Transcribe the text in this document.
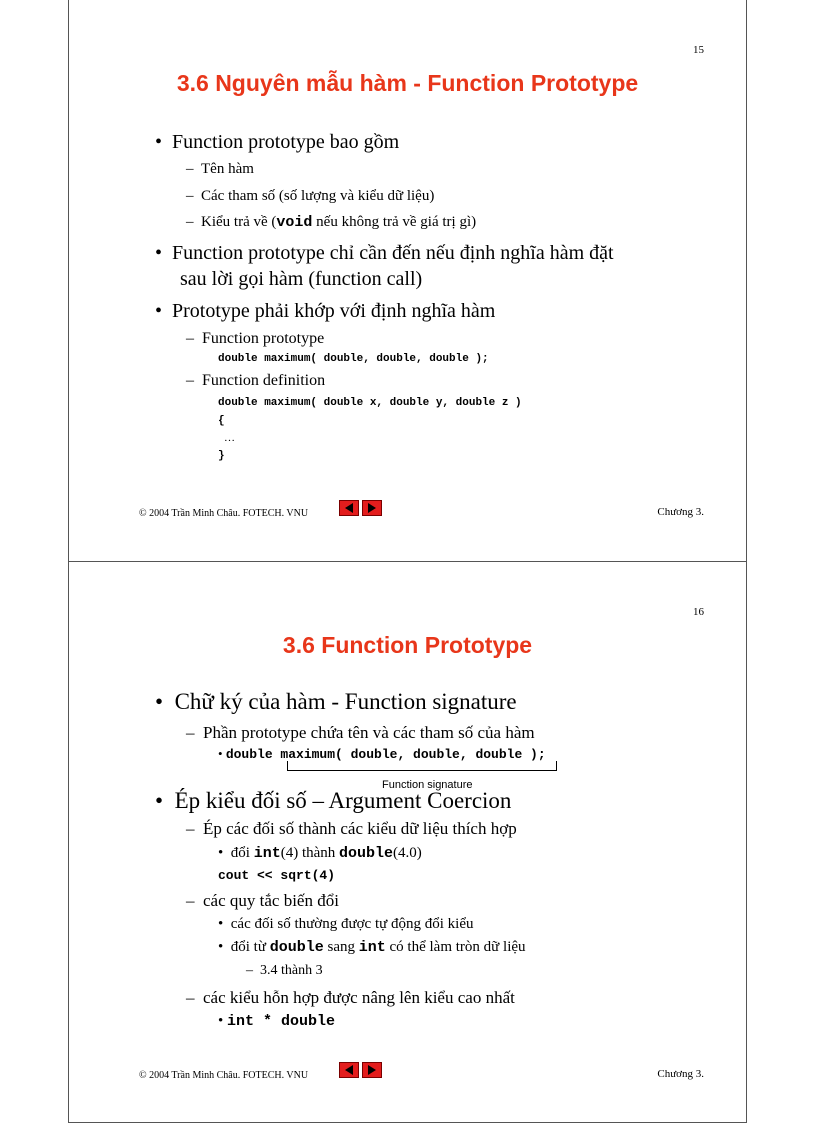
15
3.6 Nguyên mẫu hàm - Function Prototype
•  Function prototype bao gồm
–  Tên hàm
–  Các tham số (số lượng và kiểu dữ liệu)
–  Kiểu trả về (void nếu không trả về giá trị gì)
•  Function prototype chỉ cần đến nếu định nghĩa hàm đặt
sau lời gọi hàm (function call)
•  Prototype phải khớp với định nghĩa hàm
–  Function prototype
double maximum( double, double, double );
–  Function definition
double maximum( double x, double y, double z )
{
…
}
© 2004 Trần Minh Châu. FOTECH. VNU	Chương 3.
16
3.6 Function Prototype
•  Chữ ký của hàm - Function signature
–  Phần prototype chứa tên và các tham số của hàm
• double maximum( double, double, double );
Function signature
•  Ép kiểu đối số – Argument Coercion
–  Ép các đối số thành các kiểu dữ liệu thích hợp
•  đổi int(4) thành double(4.0)
cout << sqrt(4)
–  các quy tắc biến đổi
•  các đối số thường được tự động đổi kiểu
•  đổi từ double sang int có thể làm tròn dữ liệu
–  3.4 thành 3
–  các kiểu hỗn hợp được nâng lên kiểu cao nhất
• int * double
© 2004 Trần Minh Châu. FOTECH. VNU	Chương 3.
